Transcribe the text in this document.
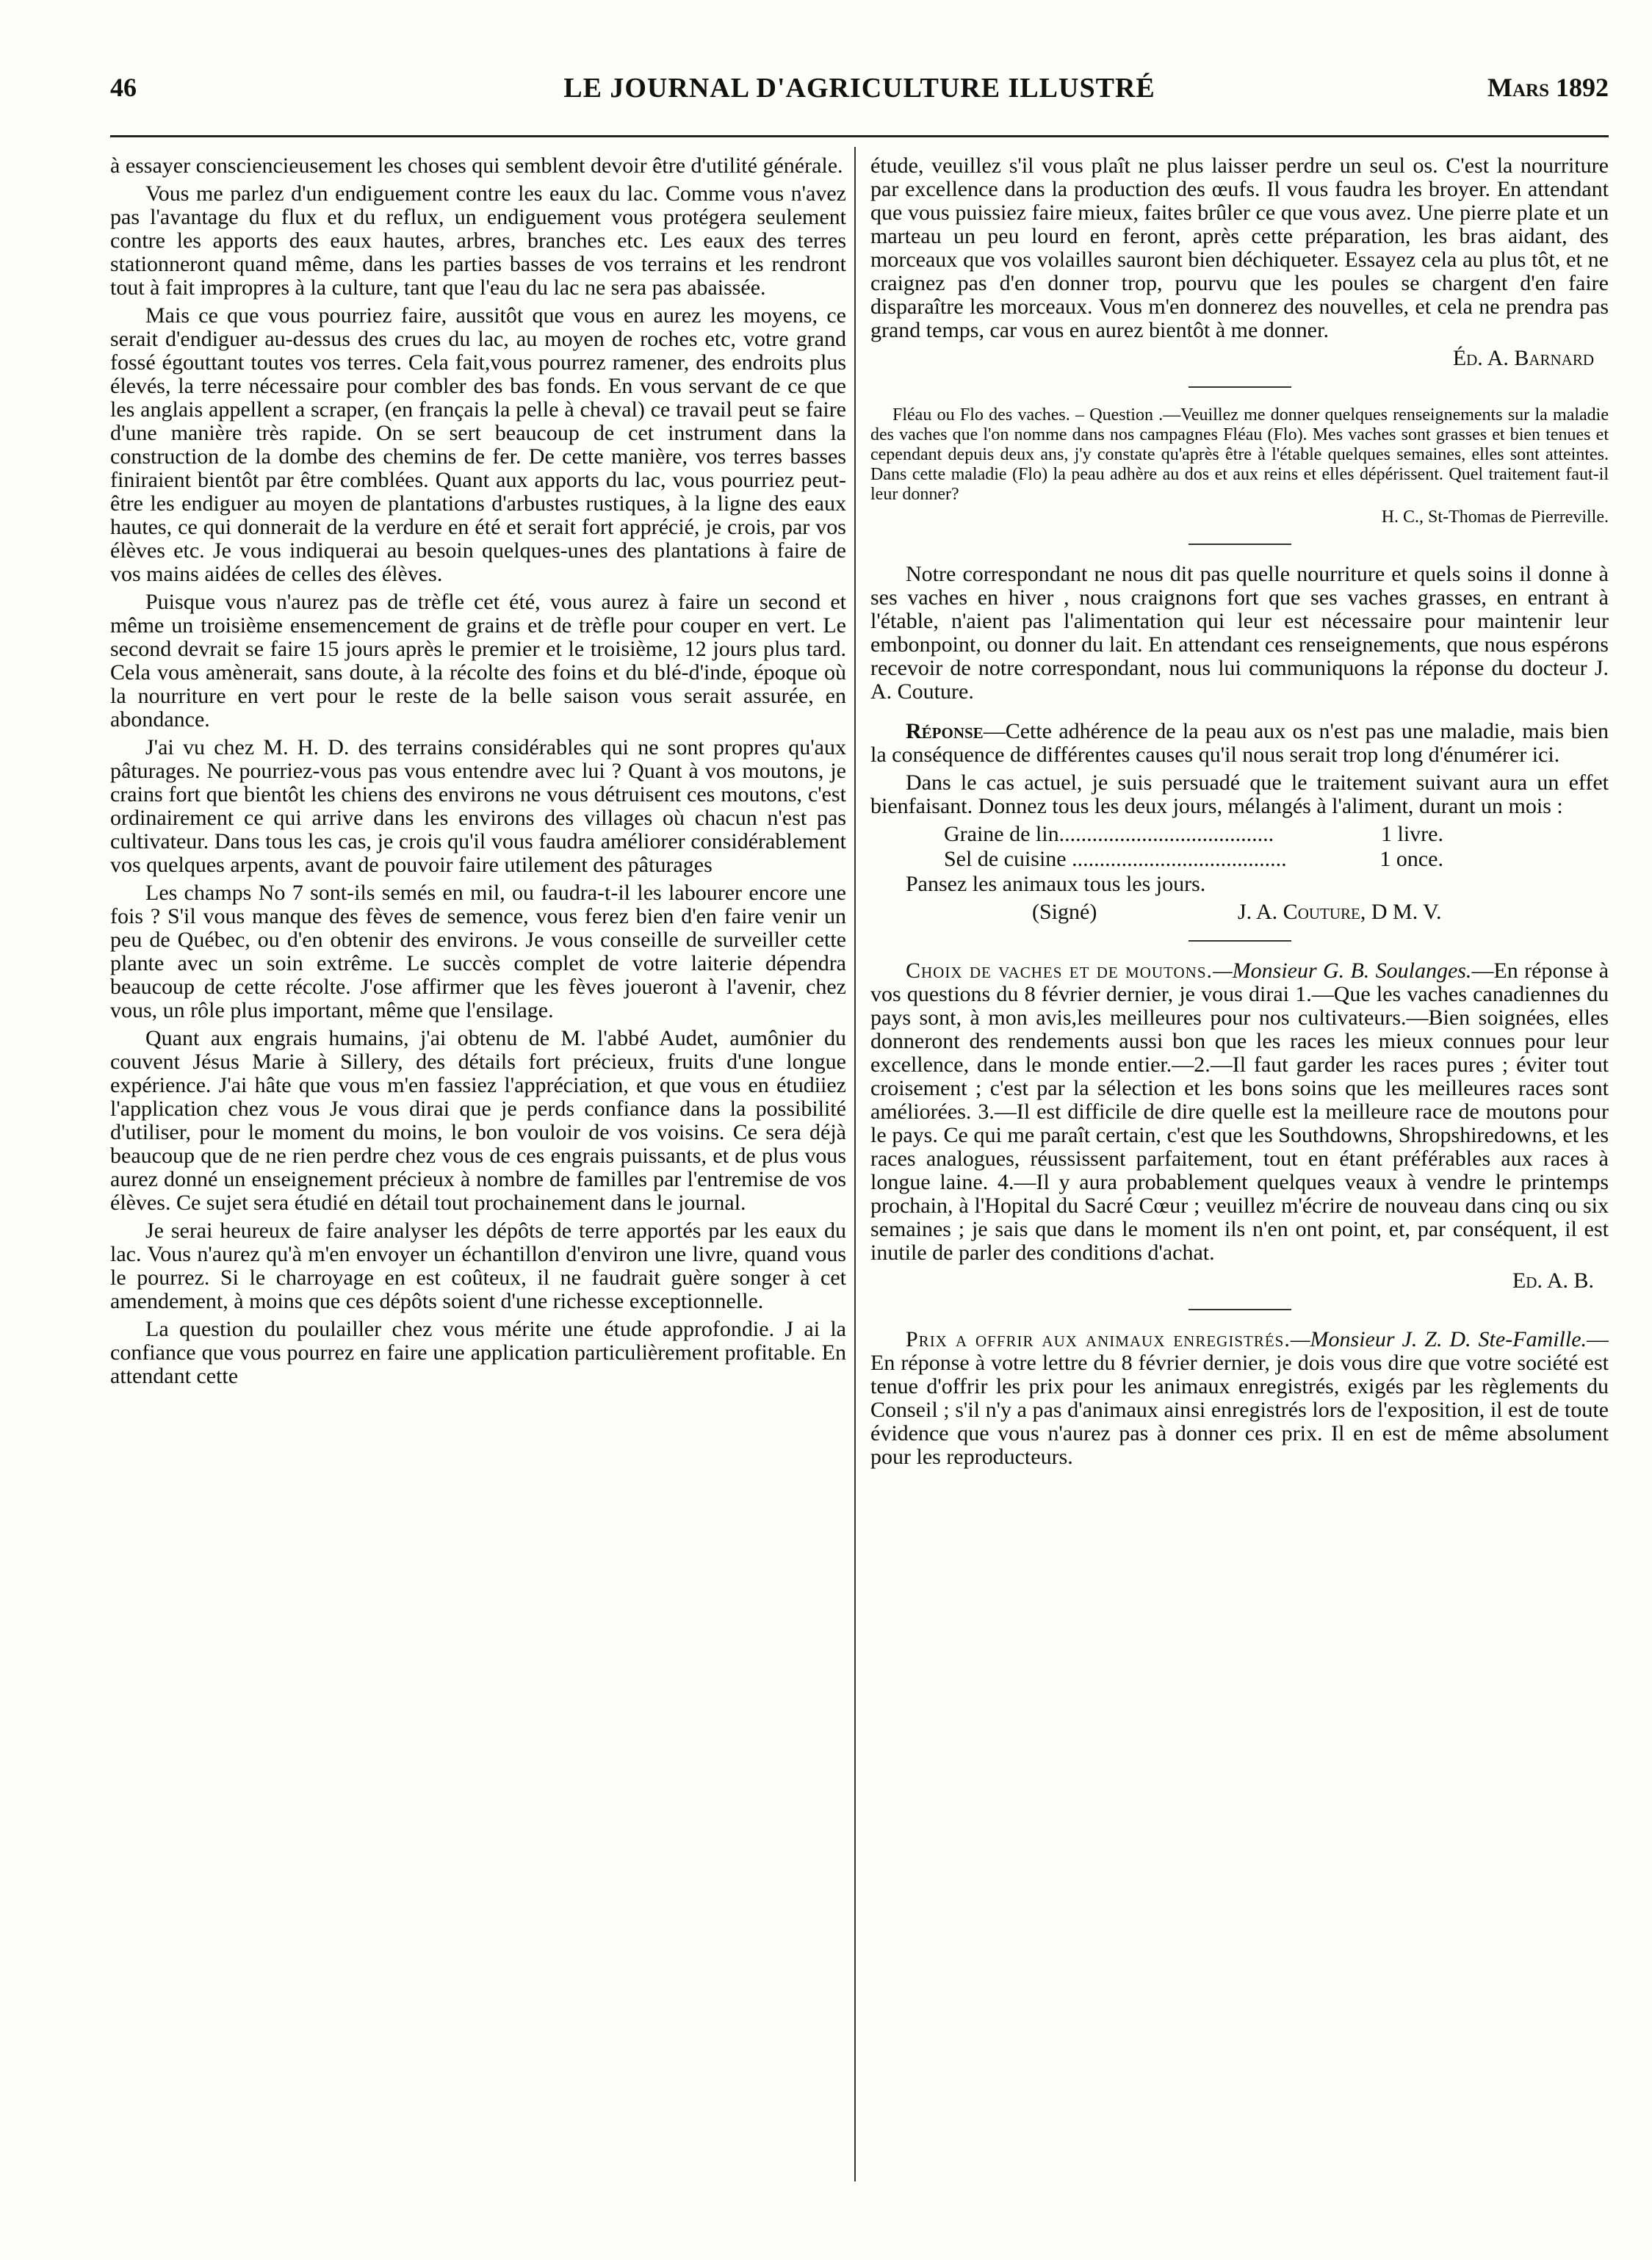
46	LE JOURNAL D'AGRICULTURE ILLUSTRÉ	Mars 1892

à essayer consciencieusement les choses qui semblent devoir être d'utilité générale.

Vous me parlez d'un endiguement contre les eaux du lac. Comme vous n'avez pas l'avantage du flux et du reflux, un endiguement vous protégera seulement contre les apports des eaux hautes, arbres, branches etc. Les eaux des terres stationneront quand même, dans les parties basses de vos terrains et les rendront tout à fait impropres à la culture, tant que l'eau du lac ne sera pas abaissée.

Mais ce que vous pourriez faire, aussitôt que vous en aurez les moyens, ce serait d'endiguer au-dessus des crues du lac, au moyen de roches etc, votre grand fossé égouttant toutes vos terres. Cela fait,vous pourrez ramener, des endroits plus élevés, la terre nécessaire pour combler des bas fonds. En vous servant de ce que les anglais appellent a scraper, (en français la pelle à cheval) ce travail peut se faire d'une manière très rapide. On se sert beaucoup de cet instrument dans la construction de la dombe des chemins de fer. De cette manière, vos terres basses finiraient bientôt par être comblées. Quant aux apports du lac, vous pourriez peut-être les endiguer au moyen de plantations d'arbustes rustiques, à la ligne des eaux hautes, ce qui donnerait de la verdure en été et serait fort apprécié, je crois, par vos élèves etc. Je vous indiquerai au besoin quelques-unes des plantations à faire de vos mains aidées de celles des élèves.

Puisque vous n'aurez pas de trèfle cet été, vous aurez à faire un second et même un troisième ensemencement de grains et de trèfle pour couper en vert. Le second devrait se faire 15 jours après le premier et le troisième, 12 jours plus tard. Cela vous amènerait, sans doute, à la récolte des foins et du blé-d'inde, époque où la nourriture en vert pour le reste de la belle saison vous serait assurée, en abondance.

J'ai vu chez M. H. D. des terrains considérables qui ne sont propres qu'aux pâturages. Ne pourriez-vous pas vous entendre avec lui ? Quant à vos moutons, je crains fort que bientôt les chiens des environs ne vous détruisent ces moutons, c'est ordinairement ce qui arrive dans les environs des villages où chacun n'est pas cultivateur. Dans tous les cas, je crois qu'il vous faudra améliorer considérablement vos quelques arpents, avant de pouvoir faire utilement des pâturages

Les champs No 7 sont-ils semés en mil, ou faudra-t-il les labourer encore une fois ? S'il vous manque des fèves de semence, vous ferez bien d'en faire venir un peu de Québec, ou d'en obtenir des environs. Je vous conseille de surveiller cette plante avec un soin extrême. Le succès complet de votre laiterie dépendra beaucoup de cette récolte. J'ose affirmer que les fèves joueront à l'avenir, chez vous, un rôle plus important, même que l'ensilage.

Quant aux engrais humains, j'ai obtenu de M. l'abbé Audet, aumônier du couvent Jésus Marie à Sillery, des détails fort précieux, fruits d'une longue expérience. J'ai hâte que vous m'en fassiez l'appréciation, et que vous en étudiiez l'application chez vous Je vous dirai que je perds confiance dans la possibilité d'utiliser, pour le moment du moins, le bon vouloir de vos voisins. Ce sera déjà beaucoup que de ne rien perdre chez vous de ces engrais puissants, et de plus vous aurez donné un enseignement précieux à nombre de familles par l'entremise de vos élèves. Ce sujet sera étudié en détail tout prochainement dans le journal.

Je serai heureux de faire analyser les dépôts de terre apportés par les eaux du lac. Vous n'aurez qu'à m'en envoyer un échantillon d'environ une livre, quand vous le pourrez. Si le charroyage en est coûteux, il ne faudrait guère songer à cet amendement, à moins que ces dépôts soient d'une richesse exceptionnelle.

La question du poulailler chez vous mérite une étude approfondie. J ai la confiance que vous pourrez en faire une application particulièrement profitable. En attendant cette

étude, veuillez s'il vous plaît ne plus laisser perdre un seul os. C'est la nourriture par excellence dans la production des œufs. Il vous faudra les broyer. En attendant que vous puissiez faire mieux, faites brûler ce que vous avez. Une pierre plate et un marteau un peu lourd en feront, après cette préparation, les bras aidant, des morceaux que vos volailles sauront bien déchiqueter. Essayez cela au plus tôt, et ne craignez pas d'en donner trop, pourvu que les poules se chargent d'en faire disparaître les morceaux. Vous m'en donnerez des nouvelles, et cela ne prendra pas grand temps, car vous en aurez bientôt à me donner.

Éd. A. Barnard

Fléau ou Flo des vaches. – Question .—Veuillez me donner quelques renseignements sur la maladie des vaches que l'on nomme dans nos campagnes Fléau (Flo). Mes vaches sont grasses et bien tenues et cependant depuis deux ans, j'y constate qu'après être à l'étable quelques semaines, elles sont atteintes. Dans cette maladie (Flo) la peau adhère au dos et aux reins et elles dépérissent. Quel traitement faut-il leur donner?

H. C., St-Thomas de Pierreville.

Notre correspondant ne nous dit pas quelle nourriture et quels soins il donne à ses vaches en hiver , nous craignons fort que ses vaches grasses, en entrant à l'étable, n'aient pas l'alimentation qui leur est nécessaire pour maintenir leur embonpoint, ou donner du lait. En attendant ces renseignements, que nous espérons recevoir de notre correspondant, nous lui communiquons la réponse du docteur J. A. Couture.

Réponse—Cette adhérence de la peau aux os n'est pas une maladie, mais bien la conséquence de différentes causes qu'il nous serait trop long d'énumérer ici.

Dans le cas actuel, je suis persuadé que le traitement suivant aura un effet bienfaisant. Donnez tous les deux jours, mélangés à l'aliment, durant un mois :

Graine de lin.......................................	1 livre.
Sel de cuisine .......................................	1 once.

Pansez les animaux tous les jours.

(Signé)	J. A. Couture, D M. V.

Choix de vaches et de moutons.—Monsieur G. B. Soulanges.—En réponse à vos questions du 8 février dernier, je vous dirai 1.—Que les vaches canadiennes du pays sont, à mon avis,les meilleures pour nos cultivateurs.—Bien soignées, elles donneront des rendements aussi bon que les races les mieux connues pour leur excellence, dans le monde entier.—2.—Il faut garder les races pures ; éviter tout croisement ; c'est par la sélection et les bons soins que les meilleures races sont améliorées. 3.—Il est difficile de dire quelle est la meilleure race de moutons pour le pays. Ce qui me paraît certain, c'est que les Southdowns, Shropshiredowns, et les races analogues, réussissent parfaitement, tout en étant préférables aux races à longue laine. 4.—Il y aura probablement quelques veaux à vendre le printemps prochain, à l'Hopital du Sacré Cœur ; veuillez m'écrire de nouveau dans cinq ou six semaines ; je sais que dans le moment ils n'en ont point, et, par conséquent, il est inutile de parler des conditions d'achat.

Ed. A. B.

Prix a offrir aux animaux enregistrés.—Monsieur J. Z. D. Ste-Famille.—En réponse à votre lettre du 8 février dernier, je dois vous dire que votre société est tenue d'offrir les prix pour les animaux enregistrés, exigés par les règlements du Conseil ; s'il n'y a pas d'animaux ainsi enregistrés lors de l'exposition, il est de toute évidence que vous n'aurez pas à donner ces prix. Il en est de même absolument pour les reproducteurs.
